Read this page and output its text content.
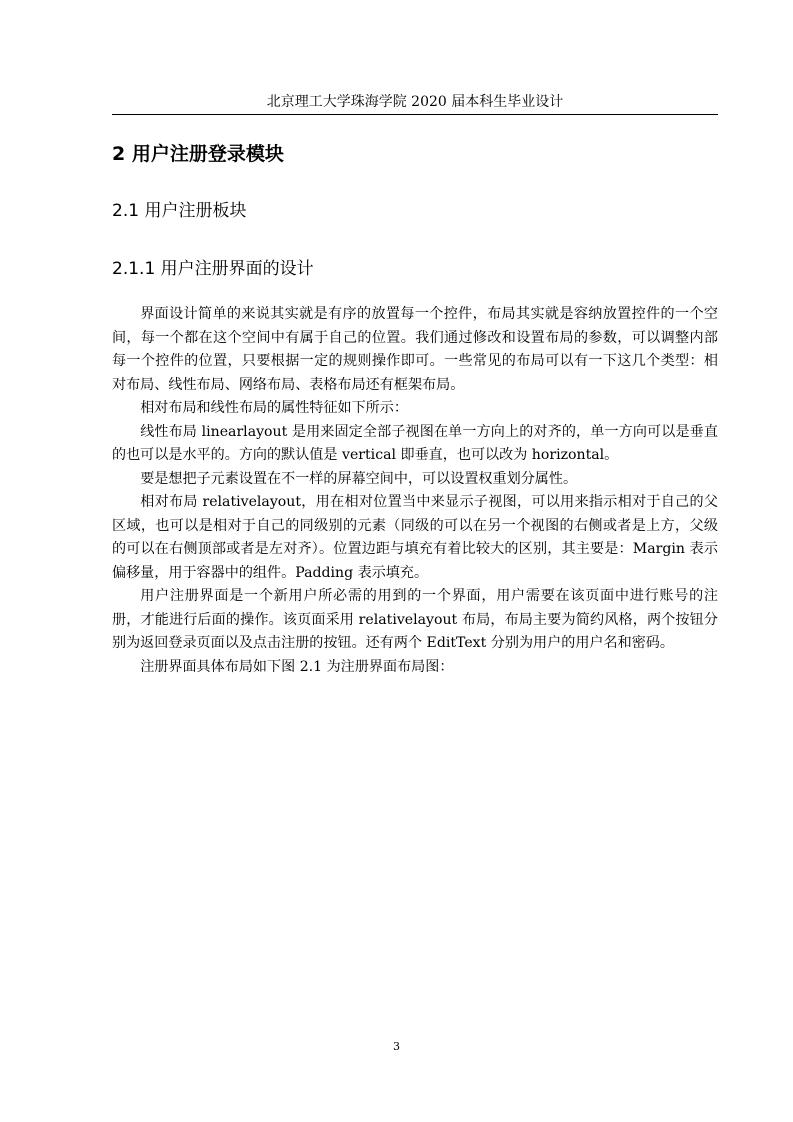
北京理工大学珠海学院 2020 届本科生毕业设计
2 用户注册登录模块
2.1 用户注册板块
2.1.1 用户注册界面的设计

界面设计简单的来说其实就是有序的放置每一个控件，布局其实就是容纳放置控件的一个空间，每一个都在这个空间中有属于自己的位置。我们通过修改和设置布局的参数，可以调整内部每一个控件的位置，只要根据一定的规则操作即可。一些常见的布局可以有一下这几个类型：相对布局、线性布局、网络布局、表格布局还有框架布局。

相对布局和线性布局的属性特征如下所示：

线性布局 linearlayout 是用来固定全部子视图在单一方向上的对齐的，单一方向可以是垂直的也可以是水平的。方向的默认值是 vertical 即垂直，也可以改为 horizontal。

要是想把子元素设置在不一样的屏幕空间中，可以设置权重划分属性。

相对布局 relativelayout，用在相对位置当中来显示子视图，可以用来指示相对于自己的父区域，也可以是相对于自己的同级别的元素（同级的可以在另一个视图的右侧或者是上方，父级的可以在右侧顶部或者是左对齐）。位置边距与填充有着比较大的区别，其主要是：Margin 表示偏移量，用于容器中的组件。Padding 表示填充。

用户注册界面是一个新用户所必需的用到的一个界面，用户需要在该页面中进行账号的注册，才能进行后面的操作。该页面采用 relativelayout 布局，布局主要为简约风格，两个按钮分别为返回登录页面以及点击注册的按钮。还有两个 EditText 分别为用户的用户名和密码。

注册界面具体布局如下图 2.1 为注册界面布局图：

3
